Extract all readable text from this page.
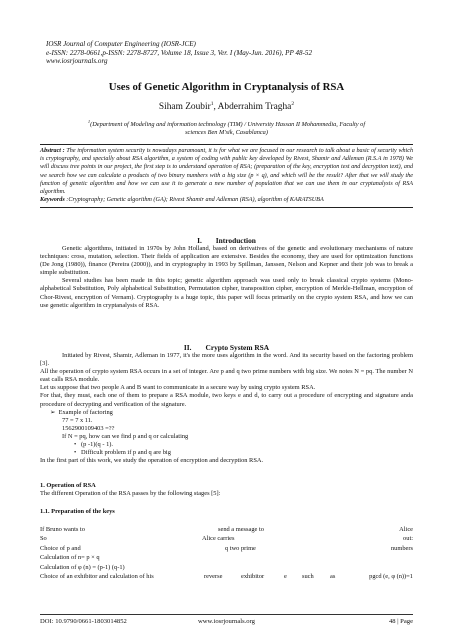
IOSR Journal of Computer Engineering (IOSR-JCE)
e-ISSN: 2278-0661,p-ISSN: 2278-8727, Volume 18, Issue 3, Ver. I (May-Jun. 2016), PP 48-52
www.iosrjournals.org
Uses of Genetic Algorithm in Cryptanalysis of RSA
Siham Zoubir$^1$, Abderrahim Tragha$^2$
$^1$(Department of Modeling and information technology (TIM) / University Hassan II Mohammedia, Faculty of
sciences Ben M'sik, Casablanca)
Abstract : The information system security is nowadays paramount, it is for what we are focused in our research to talk about a basic of security which is cryptography, and specially about RSA algorithm, a system of coding with public key developed by Rivest, Shamir and Adleman (R.S.A in 1978) We will discuss tree points in our project, the first step is to understand operation of RSA; (preparation of the key, encryption test and decryption text), and we search how we can calculate a products of two binary numbers with a big size (p × q), and which will be the result? After that we will study the function of genetic algorithm and how we can use it to generate a new number of population that we can use them in our cryptanalysis of RSA algorithm.
Keywords :Cryptography; Genetic algorithm (GA); Rivest Shamir and Adleman (RSA), algorithm of KARATSUBA
I. Introduction

Genetic algorithms, initiated in 1970s by John Holland, based on derivatives of the genetic and evolutionary mechanisms of nature techniques: cross, mutation, selection. Their fields of application are extensive. Besides the economy, they are used for optimization functions (De Jong (1980)), finance (Pereira (2000)), and in cryptography in 1993 by Spillman, Janssen, Nelson and Kepner and their job was to break a simple substitution.

Several studies has been made in this topic; genetic algorithm approach was used only to break classical crypto systems (Mono-alphabetical Substitution, Poly alphabetical Substitution, Permutation cipher, transposition cipher, encryption of Merkle-Hellman, encryption of Chor-Rivest, encryption of Vernam). Cryptography is a huge topic, this paper will focus primarily on the crypto system RSA, and how we can use genetic algorithm in cryptanalysis of RSA.

II. Crypto System RSA

Initiated by Rivest, Shamir, Adleman in 1977, it's the more uses algorithm in the word. And its security based on the factoring problem [3].

All the operation of crypto system RSA occurs in a set of integer. Are p and q two prime numbers with big size. We notes N = pq. The number N east calls RSA module.

Let us suppose that two people A and B want to communicate in a secure way by using crypto system RSA.

For that, they must, each one of them to prepare a RSA module, two keys e and d, to carry out a procedure of encrypting and signature anda procedure of decrypting and verification of the signature.

➢ Example of factoring

77 = 7 x 11.

1562900109403 =??

If N = pq, how can we find p and q or calculating

• (p -1)(q - 1).

• Difficult problem if p and q are big

In the first part of this work, we study the operation of encryption and decryption RSA.

1. Operation of RSA
The different Operation of the RSA passes by the following stages [5]:
1.1. Preparation of the keys
If Bruno wants to	send a message to	Alice
So	Alice carries	out:
Choice of p and	q two prime	numbers
Calculation of n= p × q
Calculation of φ (n) = (p-1) (q-1)
Choice of an exhibitor and calculation of his	reverse	exhibitor	e such	as	pgcd (e, φ (n))=1
DOI: 10.9790/0661-1803014852	www.iosrjournals.org	48 | Page
